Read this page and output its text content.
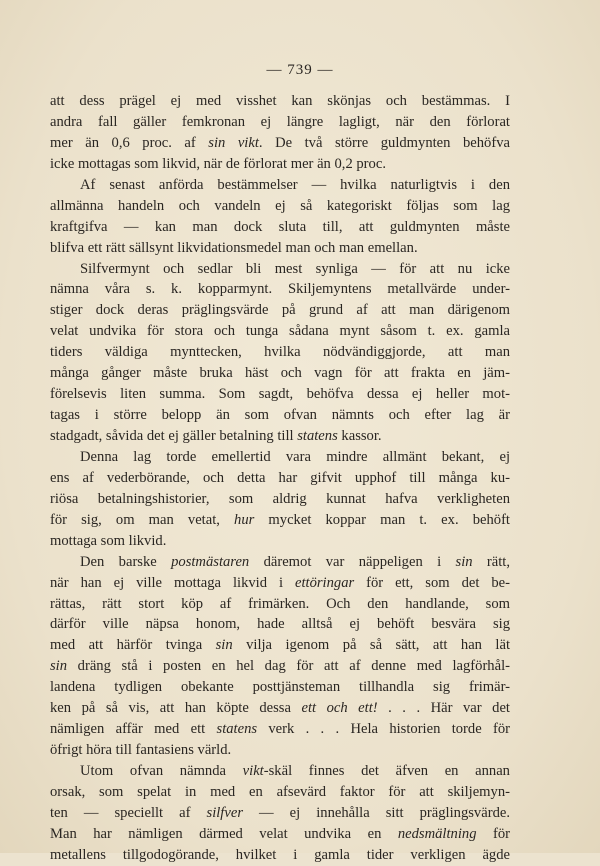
— 739 —
att dess prägel ej med visshet kan skönjas och bestämmas. I
andra fall gäller femkronan ej längre lagligt, när den förlorat
mer än 0,6 proc. af sin vikt. De två större guldmynten behöfva
icke mottagas som likvid, när de förlorat mer än 0,2 proc.
Af senast anförda bestämmelser — hvilka naturligtvis i den
allmänna handeln och vandeln ej så kategoriskt följas som lag
kraftgifva — kan man dock sluta till, att guldmynten måste
blifva ett rätt sällsynt likvidationsmedel man och man emellan.
Silfvermynt och sedlar bli mest synliga — för att nu icke
nämna våra s. k. kopparmynt. Skiljemyntens metallvärde under-
stiger dock deras präglingsvärde på grund af att man därigenom
velat undvika för stora och tunga sådana mynt såsom t. ex. gamla
tiders väldiga mynttecken, hvilka nödvändiggjorde, att man
många gånger måste bruka häst och vagn för att frakta en jäm-
förelsevis liten summa. Som sagdt, behöfva dessa ej heller mot-
tagas i större belopp än som ofvan nämnts och efter lag är
stadgadt, såvida det ej gäller betalning till statens kassor.
Denna lag torde emellertid vara mindre allmänt bekant, ej
ens af vederbörande, och detta har gifvit upphof till många ku-
riösa betalningshistorier, som aldrig kunnat hafva verkligheten
för sig, om man vetat, hur mycket koppar man t. ex. behöft
mottaga som likvid.
Den barske postmästaren däremot var näppeligen i sin rätt,
när han ej ville mottaga likvid i ettöringar för ett, som det be-
rättas, rätt stort köp af frimärken. Och den handlande, som
därför ville näpsa honom, hade alltså ej behöft besvära sig
med att härför tvinga sin vilja igenom på så sätt, att han lät
sin dräng stå i posten en hel dag för att af denne med lagförhål-
landena tydligen obekante posttjänsteman tillhandla sig frimär-
ken på så vis, att han köpte dessa ett och ett! . . . Här var det
nämligen affär med ett statens verk . . . Hela historien torde för
öfrigt höra till fantasiens värld.
Utom ofvan nämnda vikt-skäl finnes det äfven en annan
orsak, som spelat in med en afsevärd faktor för att skiljemyn-
ten — speciellt af silfver — ej innehålla sitt präglingsvärde.
Man har nämligen därmed velat undvika en nedsmältning för
metallens tillgodogörande, hvilket i gamla tider verkligen ägde
